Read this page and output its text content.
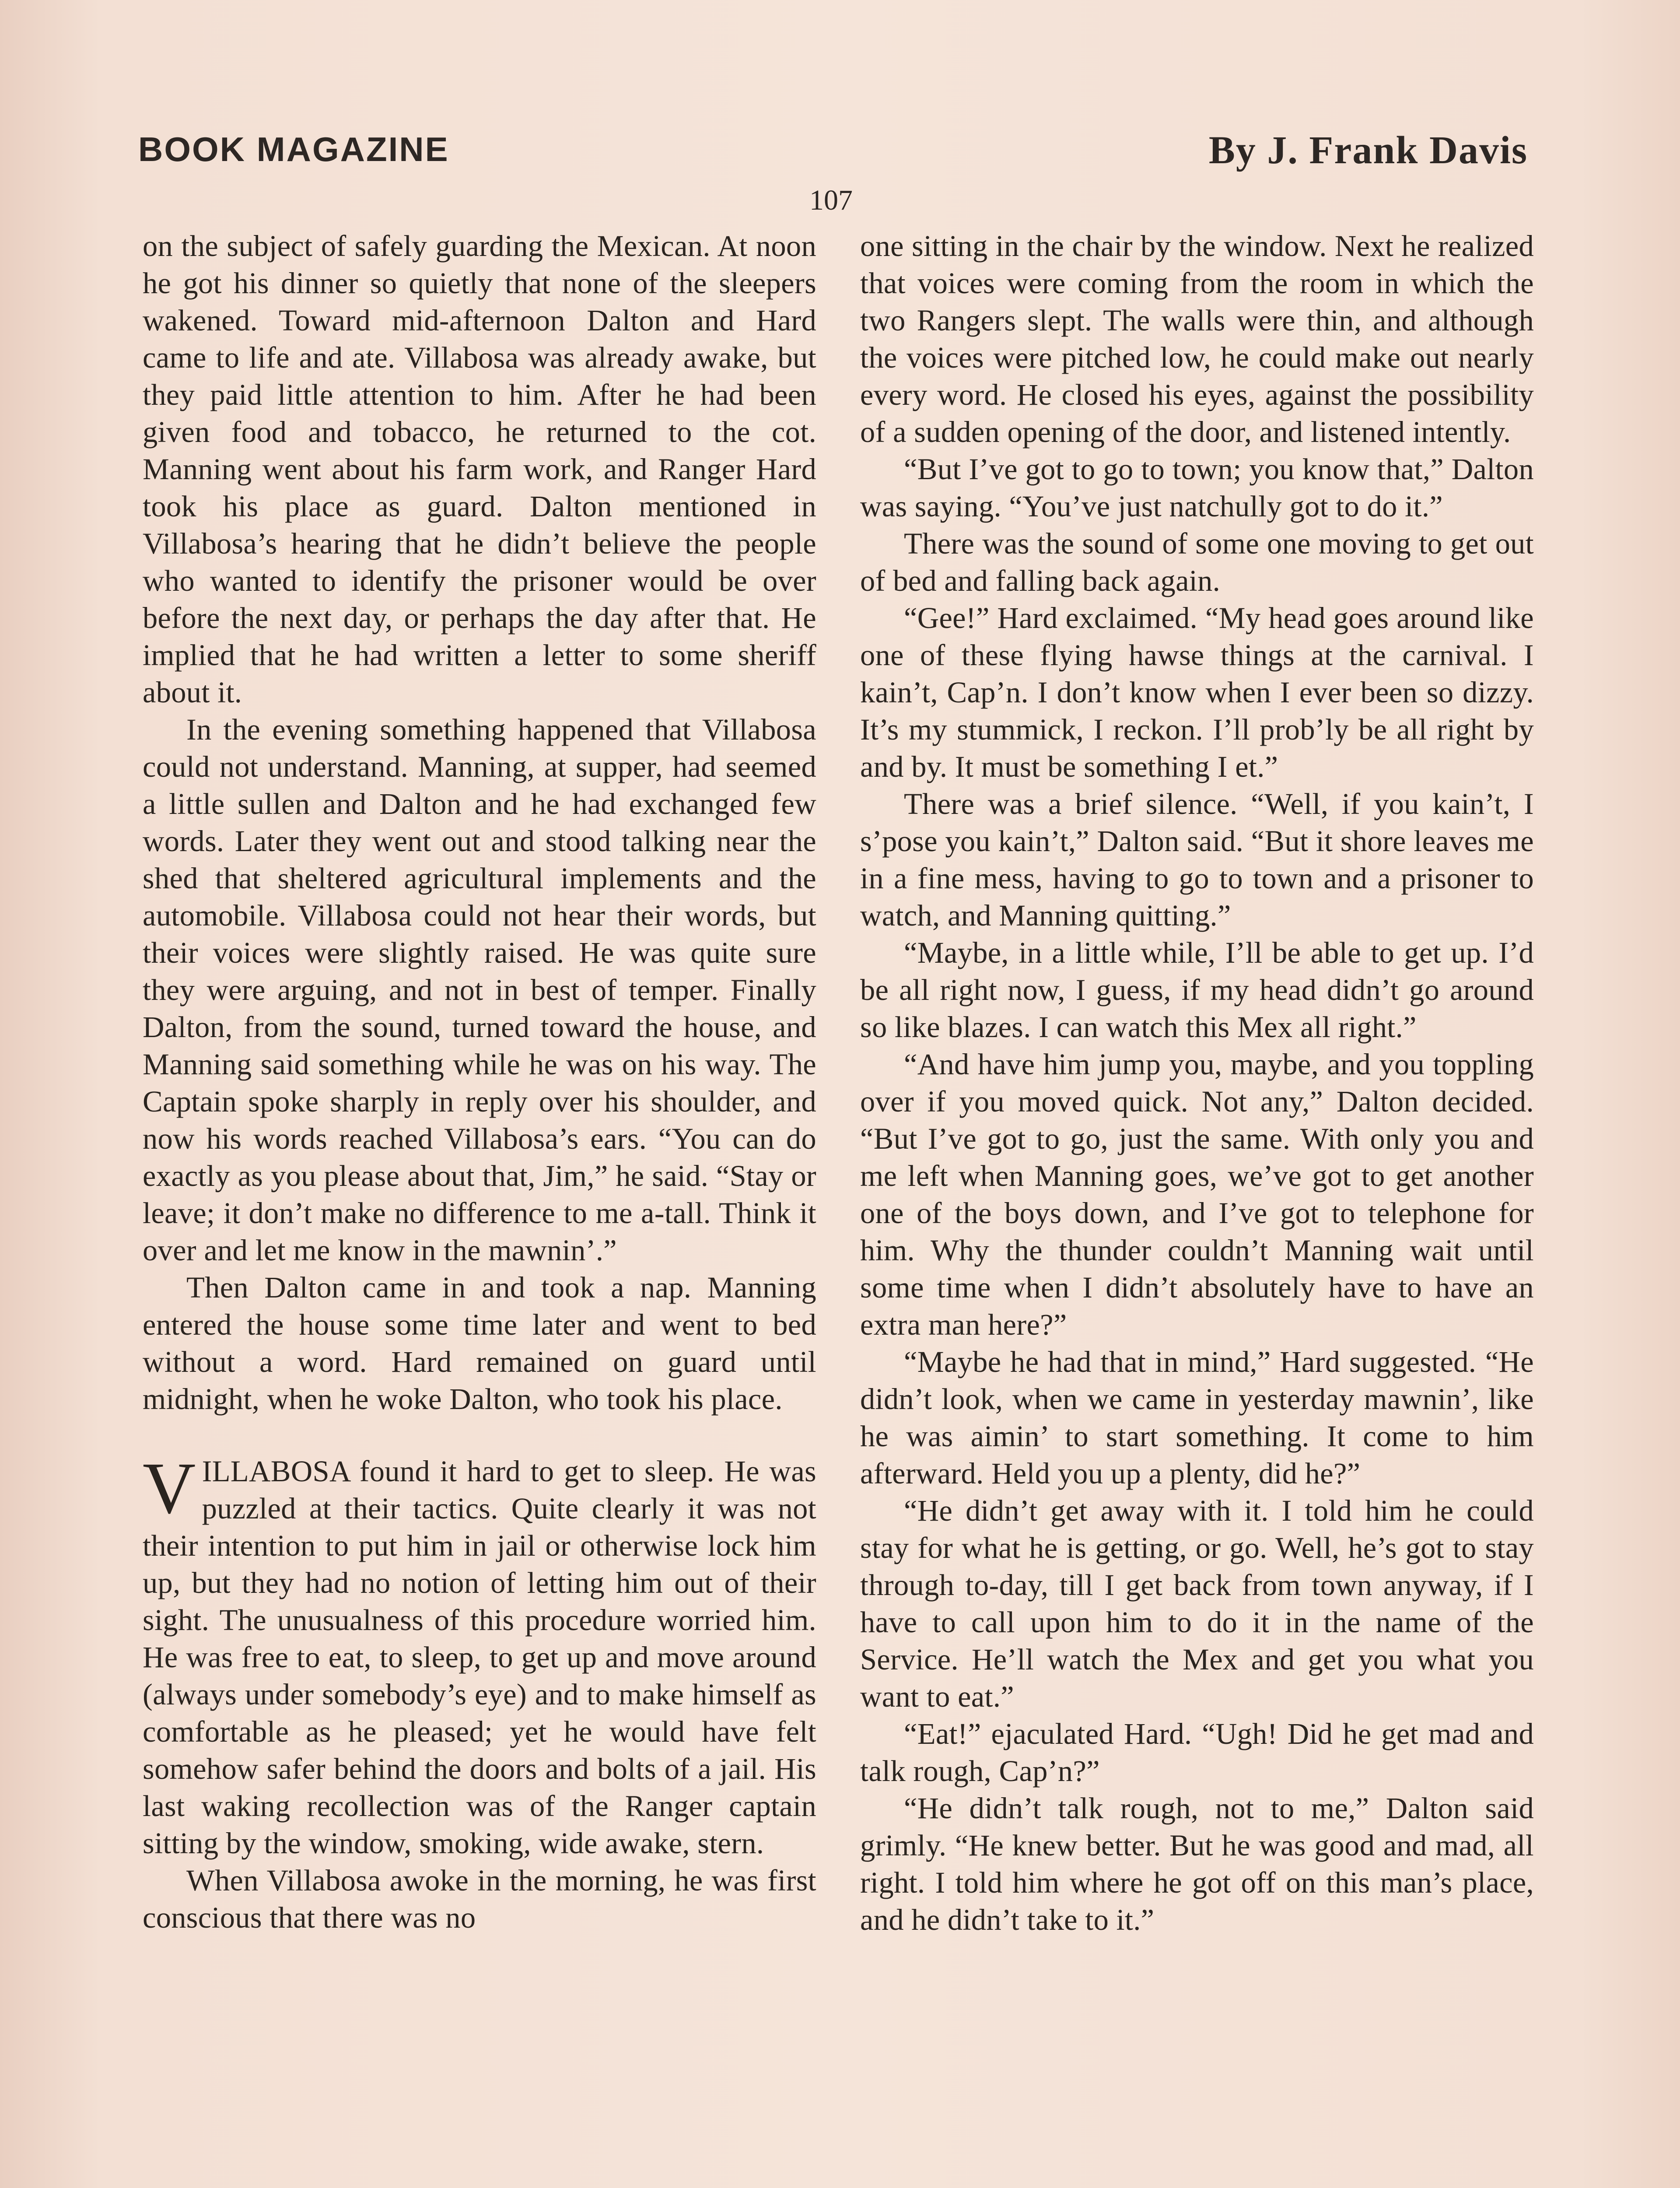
BOOK MAGAZINE	By J. Frank Davis
107

on the subject of safely guarding the Mexican. At noon he got his dinner so quietly that none of the sleepers wakened. Toward mid-afternoon Dalton and Hard came to life and ate. Villabosa was already awake, but they paid little attention to him. After he had been given food and tobacco, he returned to the cot. Manning went about his farm work, and Ranger Hard took his place as guard. Dalton mentioned in Villabosa’s hearing that he didn’t believe the people who wanted to identify the prisoner would be over before the next day, or perhaps the day after that. He implied that he had written a letter to some sheriff about it.

In the evening something happened that Villabosa could not understand. Manning, at supper, had seemed a little sullen and Dalton and he had exchanged few words. Later they went out and stood talking near the shed that sheltered agricultural implements and the automobile. Villabosa could not hear their words, but their voices were slightly raised. He was quite sure they were arguing, and not in best of temper. Finally Dalton, from the sound, turned toward the house, and Manning said something while he was on his way. The Captain spoke sharply in reply over his shoulder, and now his words reached Villabosa’s ears. “You can do exactly as you please about that, Jim,” he said. “Stay or leave; it don’t make no difference to me a-tall. Think it over and let me know in the mawnin’.”

Then Dalton came in and took a nap. Manning entered the house some time later and went to bed without a word. Hard remained on guard until midnight, when he woke Dalton, who took his place.

VILLABOSA found it hard to get to sleep. He was puzzled at their tactics. Quite clearly it was not their intention to put him in jail or otherwise lock him up, but they had no notion of letting him out of their sight. The unusualness of this procedure worried him. He was free to eat, to sleep, to get up and move around (always under somebody’s eye) and to make himself as comfortable as he pleased; yet he would have felt somehow safer behind the doors and bolts of a jail. His last waking recollection was of the Ranger captain sitting by the window, smoking, wide awake, stern.

When Villabosa awoke in the morning, he was first conscious that there was no

one sitting in the chair by the window. Next he realized that voices were coming from the room in which the two Rangers slept. The walls were thin, and although the voices were pitched low, he could make out nearly every word. He closed his eyes, against the possibility of a sudden opening of the door, and listened intently.

“But I’ve got to go to town; you know that,” Dalton was saying. “You’ve just natchully got to do it.”

There was the sound of some one moving to get out of bed and falling back again.

“Gee!” Hard exclaimed. “My head goes around like one of these flying hawse things at the carnival. I kain’t, Cap’n. I don’t know when I ever been so dizzy. It’s my stummick, I reckon. I’ll prob’ly be all right by and by. It must be something I et.”

There was a brief silence. “Well, if you kain’t, I s’pose you kain’t,” Dalton said. “But it shore leaves me in a fine mess, having to go to town and a prisoner to watch, and Manning quitting.”

“Maybe, in a little while, I’ll be able to get up. I’d be all right now, I guess, if my head didn’t go around so like blazes. I can watch this Mex all right.”

“And have him jump you, maybe, and you toppling over if you moved quick. Not any,” Dalton decided. “But I’ve got to go, just the same. With only you and me left when Manning goes, we’ve got to get another one of the boys down, and I’ve got to telephone for him. Why the thunder couldn’t Manning wait until some time when I didn’t absolutely have to have an extra man here?”

“Maybe he had that in mind,” Hard suggested. “He didn’t look, when we came in yesterday mawnin’, like he was aimin’ to start something. It come to him afterward. Held you up a plenty, did he?”

“He didn’t get away with it. I told him he could stay for what he is getting, or go. Well, he’s got to stay through to-day, till I get back from town anyway, if I have to call upon him to do it in the name of the Service. He’ll watch the Mex and get you what you want to eat.”

“Eat!” ejaculated Hard. “Ugh! Did he get mad and talk rough, Cap’n?”

“He didn’t talk rough, not to me,” Dalton said grimly. “He knew better. But he was good and mad, all right. I told him where he got off on this man’s place, and he didn’t take to it.”
